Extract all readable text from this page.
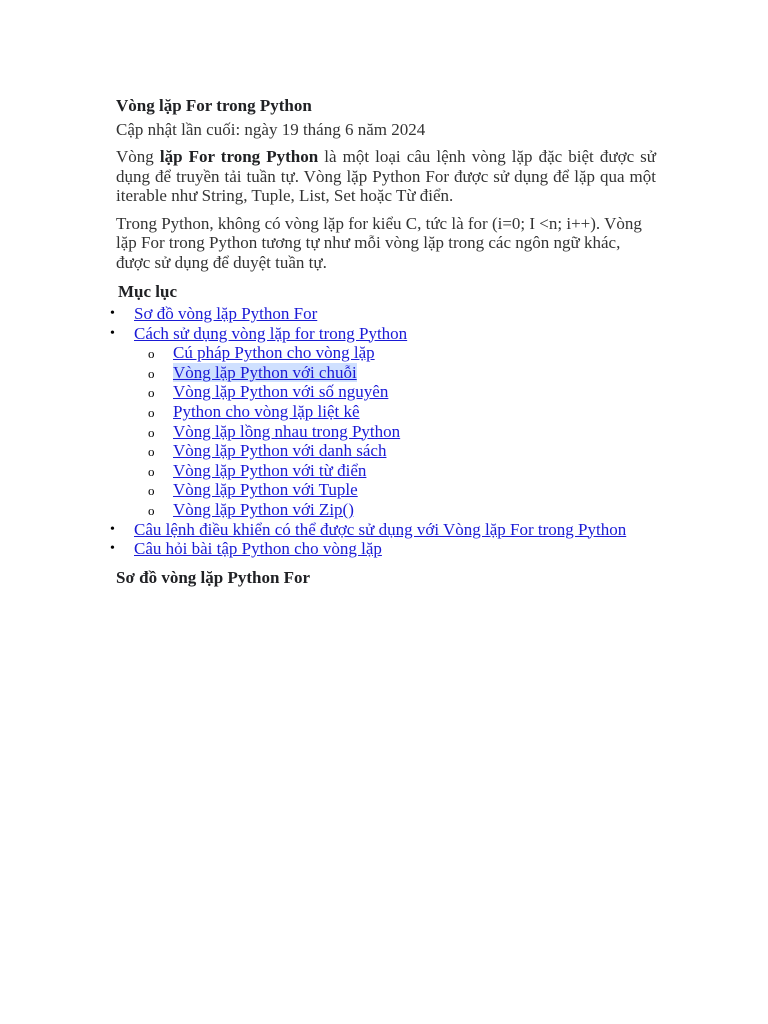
Vòng lặp For trong Python
Cập nhật lần cuối: ngày 19 tháng 6 năm 2024

Vòng lặp For trong Python là một loại câu lệnh vòng lặp đặc biệt được sử dụng để truyền tải tuần tự. Vòng lặp Python For được sử dụng để lặp qua một iterable như String, Tuple, List, Set hoặc Từ điển.

Trong Python, không có vòng lặp for kiểu C, tức là for (i=0; I <n; i++). Vòng lặp For trong Python tương tự như mỗi vòng lặp trong các ngôn ngữ khác, được sử dụng để duyệt tuần tự.

Mục lục
• Sơ đồ vòng lặp Python For
• Cách sử dụng vòng lặp for trong Python
o Cú pháp Python cho vòng lặp
o Vòng lặp Python với chuỗi
o Vòng lặp Python với số nguyên
o Python cho vòng lặp liệt kê
o Vòng lặp lồng nhau trong Python
o Vòng lặp Python với danh sách
o Vòng lặp Python với từ điển
o Vòng lặp Python với Tuple
o Vòng lặp Python với Zip()
• Câu lệnh điều khiển có thể được sử dụng với Vòng lặp For trong Python
• Câu hỏi bài tập Python cho vòng lặp
Sơ đồ vòng lặp Python For
